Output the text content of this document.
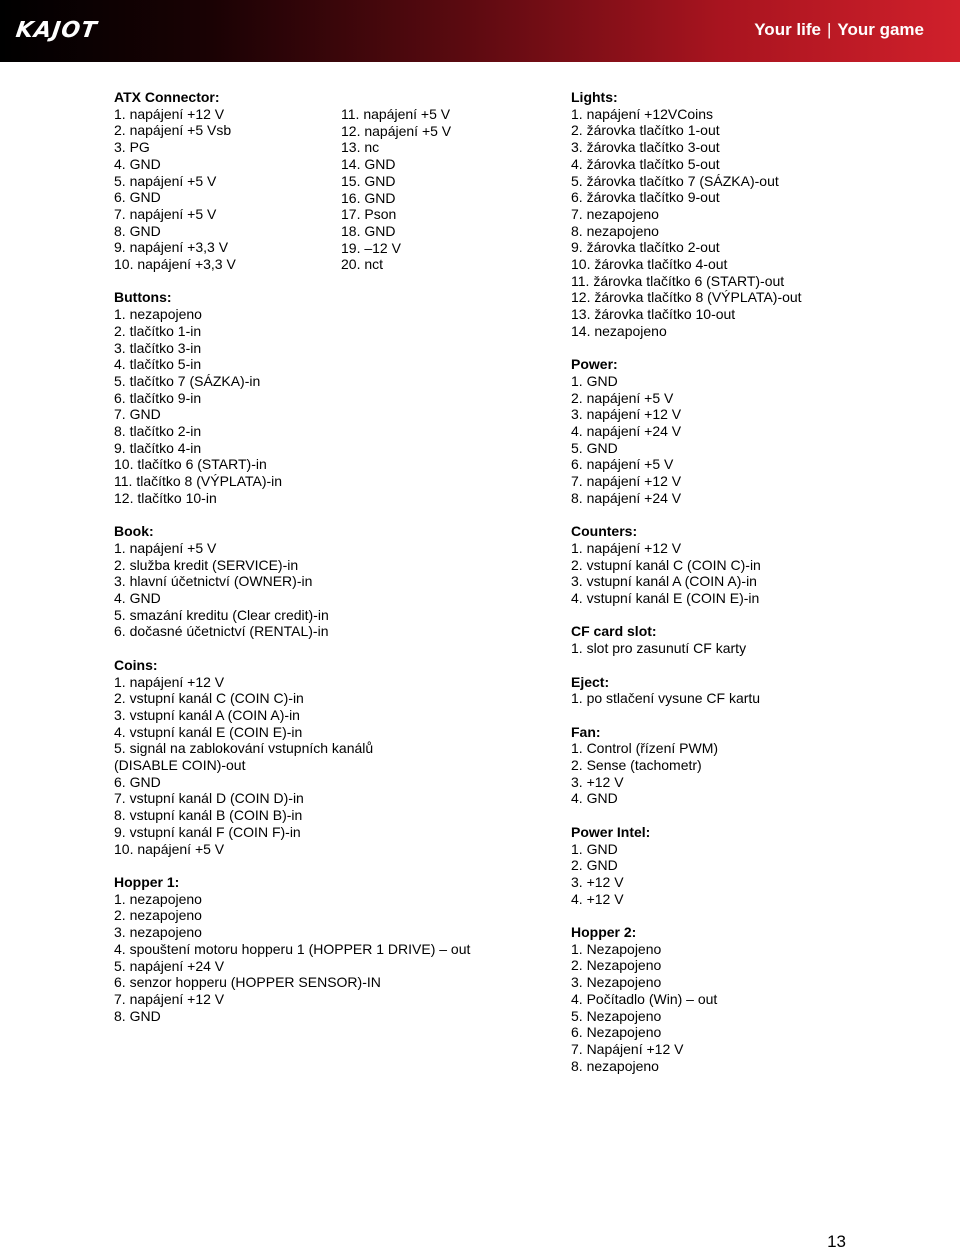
KAJOT	Your life | Your game
ATX Connector:
1. napájení +12 V
2. napájení +5 Vsb
3. PG
4. GND
5. napájení +5 V
6. GND
7. napájení +5 V
8. GND
9. napájení +3,3 V
10. napájení +3,3 V
Buttons:
1. nezapojeno
2. tlačítko 1-in
3. tlačítko 3-in
4. tlačítko 5-in
5. tlačítko 7 (SÁZKA)-in
6. tlačítko 9-in
7. GND
8. tlačítko 2-in
9. tlačítko 4-in
10. tlačítko 6 (START)-in
11. tlačítko 8 (VÝPLATA)-in
12. tlačítko 10-in
Book:
1. napájení +5 V
2. služba kredit (SERVICE)-in
3. hlavní účetnictví (OWNER)-in
4. GND
5. smazání kreditu (Clear credit)-in
6. dočasné účetnictví (RENTAL)-in
Coins:
1. napájení +12 V
2. vstupní kanál C (COIN C)-in
3. vstupní kanál A (COIN A)-in
4. vstupní kanál E (COIN E)-in
5. signál na zablokování vstupních kanálů
(DISABLE COIN)-out
6. GND
7. vstupní kanál D (COIN D)-in
8. vstupní kanál B (COIN B)-in
9. vstupní kanál F (COIN F)-in
10. napájení +5 V
Hopper 1:
1. nezapojeno
2. nezapojeno
3. nezapojeno
4. spouštení motoru hopperu 1 (HOPPER 1 DRIVE) – out
5. napájení +24 V
6. senzor hopperu (HOPPER SENSOR)-IN
7. napájení +12 V
8. GND
11. napájení +5 V
12. napájení +5 V
13. nc
14. GND
15. GND
16. GND
17. Pson
18. GND
19. –12 V
20. nct
Lights:
1. napájení +12VCoins
2. žárovka tlačítko 1-out
3. žárovka tlačítko 3-out
4. žárovka tlačítko 5-out
5. žárovka tlačítko 7 (SÁZKA)-out
6. žárovka tlačítko 9-out
7. nezapojeno
8. nezapojeno
9. žárovka tlačítko 2-out
10. žárovka tlačítko 4-out
11. žárovka tlačítko 6 (START)-out
12. žárovka tlačítko 8 (VÝPLATA)-out
13. žárovka tlačítko 10-out
14. nezapojeno
Power:
1. GND
2. napájení +5 V
3. napájení +12 V
4. napájení +24 V
5. GND
6. napájení +5 V
7. napájení +12 V
8. napájení +24 V
Counters:
1. napájení +12 V
2. vstupní kanál C (COIN C)-in
3. vstupní kanál A (COIN A)-in
4. vstupní kanál E (COIN E)-in
CF card slot:
1. slot pro zasunutí CF karty
Eject:
1. po stlačení vysune CF kartu
Fan:
1. Control (řízení PWM)
2. Sense (tachometr)
3. +12 V
4. GND
Power Intel:
1. GND
2. GND
3. +12 V
4. +12 V
Hopper 2:
1. Nezapojeno
2. Nezapojeno
3. Nezapojeno
4. Počítadlo (Win) – out
5. Nezapojeno
6. Nezapojeno
7. Napájení +12 V
8. nezapojeno
13
